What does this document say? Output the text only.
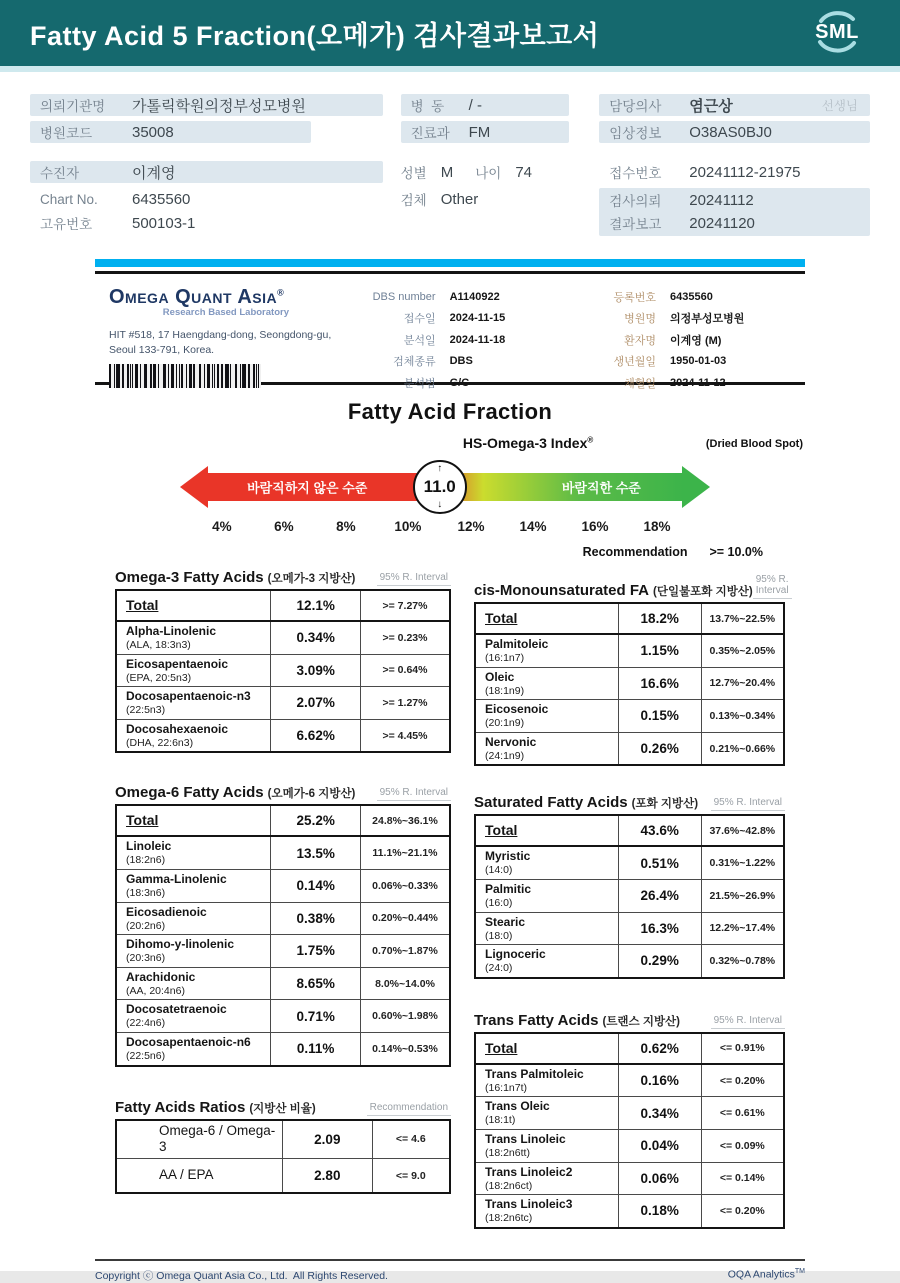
Fatty Acid 5 Fraction(오메가) 검사결과보고서	SML
의뢰기관명	가톨릭학원의정부성모병원
병원코드	35008
수진자	이계영
Chart No.	6435560
고유번호	500103-1
병  동	/ -
진료과	FM
성별 M 나이 74
검체 Other
담당의사	염근상	선생님
임상정보	O38AS0BJ0
접수번호	20241112-21975
검사의뢰	20241112
결과보고	20241120
Omega Quant Asia®
Research Based Laboratory
HIT #518, 17 Haengdang-dong, Seongdong-gu,
Seoul 133-791, Korea.
DBS number A1140922
접수일 2024-11-15
분석일 2024-11-18
검체종류 DBS
분석법 G/C
등록번호 6435560
병원명 의정부성모병원
환자명 이계영 (M)
생년월일 1950-01-03
채혈일 2024-11-12
Fatty Acid Fraction
HS-Omega-3 Index®	(Dried Blood Spot)
바람직하지 않은 수준	바람직한 수준
↑
11.0
↓
4%	6%	8%	10%	12%	14%	16%	18%
Recommendation >= 10.0%
Omega-3 Fatty Acids (오메가-3 지방산)	95% R. Interval
Total	12.1%	>= 7.27%
Alpha-Linolenic
(ALA, 18:3n3)	0.34%	>= 0.23%
Eicosapentaenoic
(EPA, 20:5n3)	3.09%	>= 0.64%
Docosapentaenoic-n3
(22:5n3)	2.07%	>= 1.27%
Docosahexaenoic
(DHA, 22:6n3)	6.62%	>= 4.45%
Omega-6 Fatty Acids (오메가-6 지방산)	95% R. Interval
Total	25.2%	24.8%~36.1%
Linoleic
(18:2n6)	13.5%	11.1%~21.1%
Gamma-Linolenic
(18:3n6)	0.14%	0.06%~0.33%
Eicosadienoic
(20:2n6)	0.38%	0.20%~0.44%
Dihomo-y-linolenic
(20:3n6)	1.75%	0.70%~1.87%
Arachidonic
(AA, 20:4n6)	8.65%	8.0%~14.0%
Docosatetraenoic
(22:4n6)	0.71%	0.60%~1.98%
Docosapentaenoic-n6
(22:5n6)	0.11%	0.14%~0.53%
Fatty Acids Ratios (지방산 비율)	Recommendation
Omega-6 / Omega-3	2.09	<= 4.6
AA / EPA	2.80	<= 9.0
cis-Monounsaturated FA (단일불포화 지방산)
95% R. Interval
Total	18.2%	13.7%~22.5%
Palmitoleic
(16:1n7)	1.15%	0.35%~2.05%
Oleic
(18:1n9)	16.6%	12.7%~20.4%
Eicosenoic
(20:1n9)	0.15%	0.13%~0.34%
Nervonic
(24:1n9)	0.26%	0.21%~0.66%
Saturated Fatty Acids (포화 지방산)	95% R. Interval
Total	43.6%	37.6%~42.8%
Myristic
(14:0)	0.51%	0.31%~1.22%
Palmitic
(16:0)	26.4%	21.5%~26.9%
Stearic
(18:0)	16.3%	12.2%~17.4%
Lignoceric
(24:0)	0.29%	0.32%~0.78%
Trans Fatty Acids (트랜스 지방산)	95% R. Interval
Total	0.62%	<= 0.91%
Trans Palmitoleic
(16:1n7t)	0.16%	<= 0.20%
Trans Oleic
(18:1t)	0.34%	<= 0.61%
Trans Linoleic
(18:2n6tt)	0.04%	<= 0.09%
Trans Linoleic2
(18:2n6ct)	0.06%	<= 0.14%
Trans Linoleic3
(18:2n6tc)	0.18%	<= 0.20%
Copyright ⓒ Omega Quant Asia Co., Ltd.  All Rights Reserved.	OQA Analytics™
